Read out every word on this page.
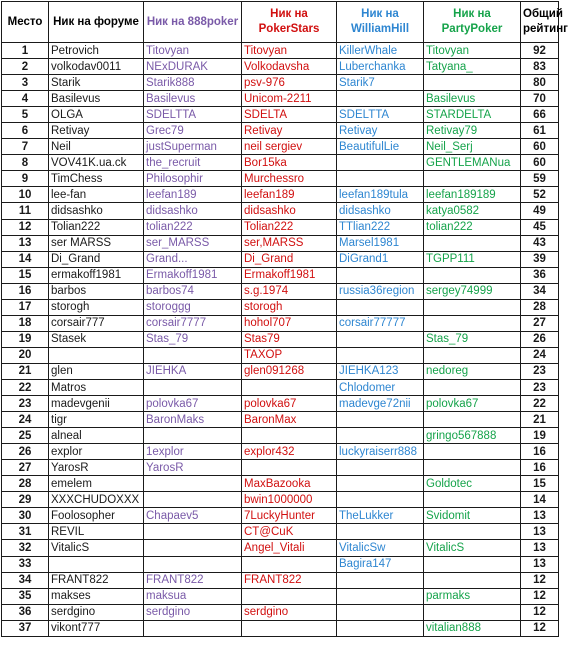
Место	Ник на форуме	Ник на 888poker	Ник на PokerStars	Ник на WilliamHill	Ник на PartyPoker	Общий рейтинг
1	Petrovich	Titovyan	Titovyan	KillerWhale	Titovyan	92
2	volkodav0011	NExDURAK	Volkodavsha	Luberchanka	Tatyana_	83
3	Starik	Starik888	psv-976	Starik7		80
4	Basilevus	Basilevus	Unicom-2211		Basilevus	70
5	OLGA	SDELTTA	SDELTA	SDELTTA	STARDELTA	66
6	Retivay	Grec79	Retivay	Retivay	Retivay79	61
7	Neil	justSuperman	neil sergiev	BeautifulLie	Neil_Serj	60
8	VOV41K.ua.ck	the_recruit	Bor15ka		GENTLEMANua	60
9	TimChess	Philosophir	Murchessro			59
10	lee-fan	leefan189	leefan189	leefan189tula	leefan189189	52
11	didsashko	didsashko	didsashko	didsashko	katya0582	49
12	Tolian222	tolian222	Tolian222	TTlian222	tolian222	45
13	ser MARSS	ser_MARSS	ser,MARSS	Marsel1981		43
14	Di_Grand	Grand...	Di_Grand	DiGrand1	TGPP111	39
15	ermakoff1981	Ermakoff1981	Ermakoff1981			36
16	barbos	barbos74	s.g.1974	russia36region	sergey74999	34
17	storogh	storoggg	storogh			28
18	corsair777	corsair7777	hohol707	corsair77777		27
19	Stasek	Stas_79	Stas79		Stas_79	26
20			TAXOP			24
21	glen	JIEHKA	glen091268	JIEHKA123	nedoreg	23
22	Matros			Chlodomer		23
23	madevgenii	polovka67	polovka67	madevge72nii	polovka67	22
24	tigr	BaronMaks	BaronMax			21
25	alneal				gringo567888	19
26	explor	1explor	explor432	luckyraiserr888		16
27	YarosR	YarosR				16
28	emelem		MaxBazooka		Goldotec	15
29	XXXCHUDOXXX		bwin1000000			14
30	Foolosopher	Chapaev5	7LuckyHunter	TheLukker	Svidomit	13
31	REVIL		CT@CuK			13
32	VitalicS		Angel_Vitali	VitalicSw	VitalicS	13
33				Bagira147		13
34	FRANT822	FRANT822	FRANT822			12
35	makses	maksua			parmaks	12
36	serdgino	serdgino	serdgino			12
37	vikont777				vitalian888	12
